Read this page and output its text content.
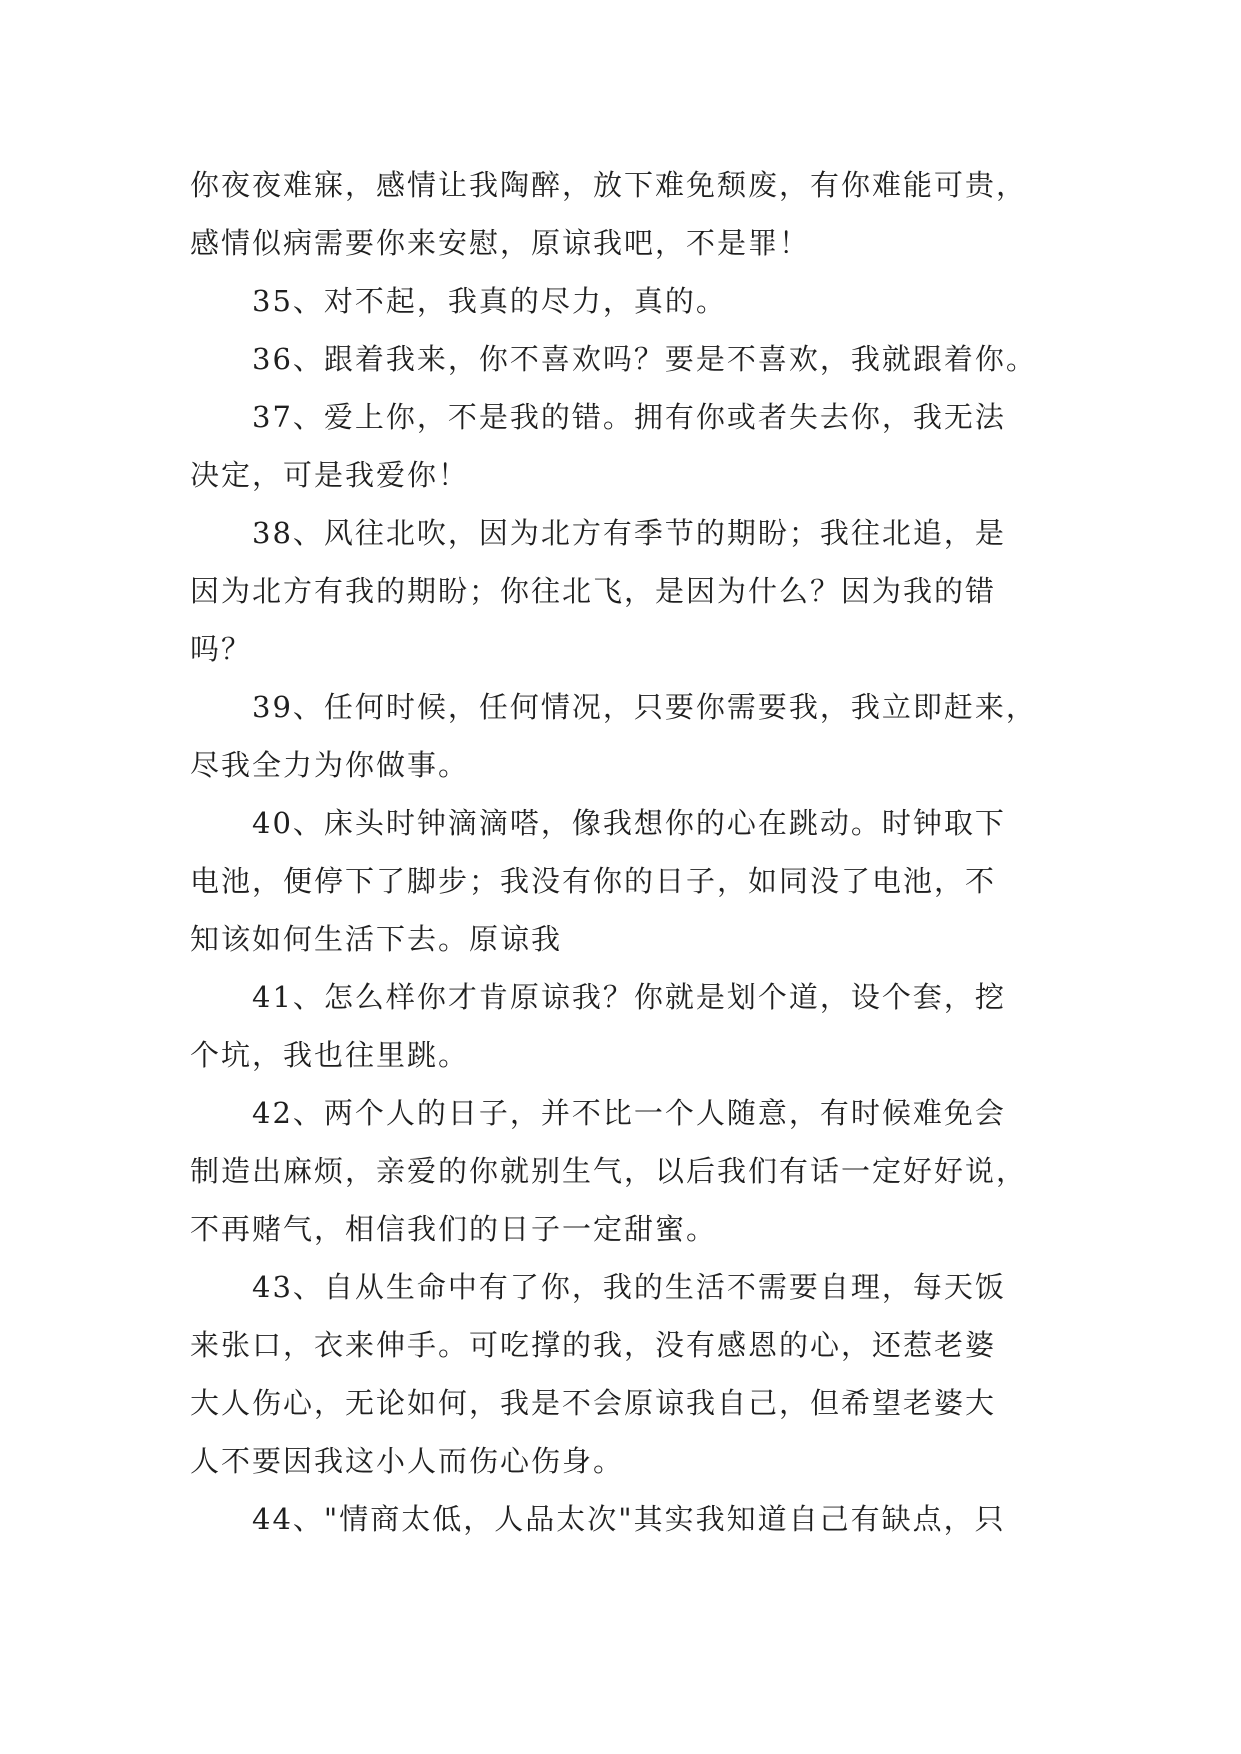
你夜夜难寐，感情让我陶醉，放下难免颓废，有你难能可贵，
感情似病需要你来安慰，原谅我吧，不是罪！

35、对不起，我真的尽力，真的。

36、跟着我来，你不喜欢吗？要是不喜欢，我就跟着你。

37、爱上你，不是我的错。拥有你或者失去你，我无法
决定，可是我爱你！

38、风往北吹，因为北方有季节的期盼；我往北追，是
因为北方有我的期盼；你往北飞，是因为什么？因为我的错
吗？

39、任何时候，任何情况，只要你需要我，我立即赶来，
尽我全力为你做事。

40、床头时钟滴滴嗒，像我想你的心在跳动。时钟取下
电池，便停下了脚步；我没有你的日子，如同没了电池，不
知该如何生活下去。原谅我

41、怎么样你才肯原谅我？你就是划个道，设个套，挖
个坑，我也往里跳。

42、两个人的日子，并不比一个人随意，有时候难免会
制造出麻烦，亲爱的你就别生气，以后我们有话一定好好说，
不再赌气，相信我们的日子一定甜蜜。

43、自从生命中有了你，我的生活不需要自理，每天饭
来张口，衣来伸手。可吃撑的我，没有感恩的心，还惹老婆
大人伤心，无论如何，我是不会原谅我自己，但希望老婆大
人不要因我这小人而伤心伤身。

44、"情商太低，人品太次"其实我知道自己有缺点，只
